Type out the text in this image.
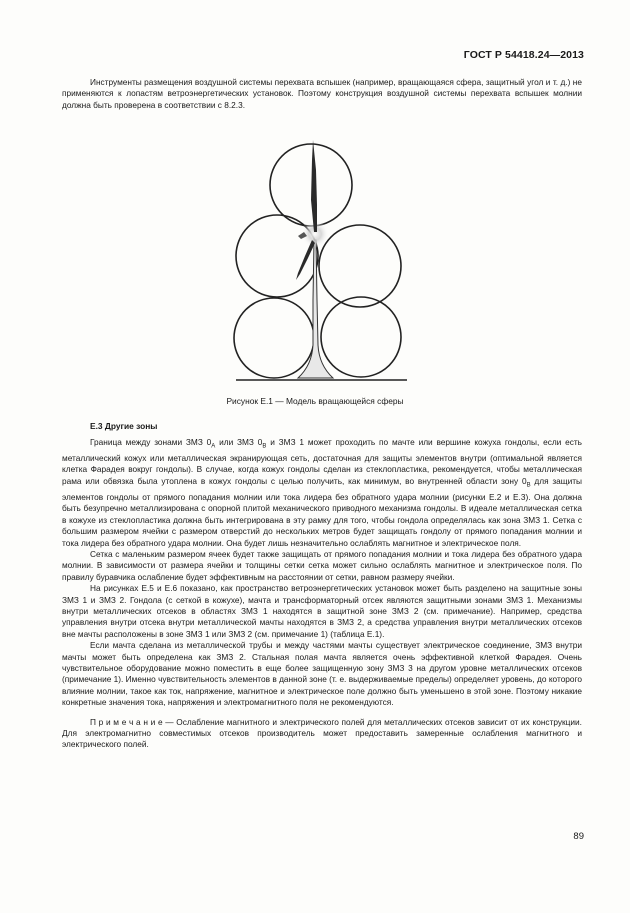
ГОСТ Р 54418.24—2013

Инструменты размещения воздушной системы перехвата вспышек (например, вращающаяся сфера, защитный угол и т. д.) не применяются к лопастям ветроэнергетических установок. Поэтому конструкция воздушной системы перехвата вспышек молнии должна быть проверена в соответствии с 8.2.3.

Рисунок Е.1 — Модель вращающейся сферы
Е.3 Другие зоны

Граница между зонами ЗМЗ $0_А$ или ЗМЗ $0_В$ и ЗМЗ 1 может проходить по мачте или вершине кожуха гондолы, если есть металлический кожух или металлическая экранирующая сеть, достаточная для защиты элементов внутри (оптимальной является клетка Фарадея вокруг гондолы). В случае, когда кожух гондолы сделан из стеклопластика, рекомендуется, чтобы металлическая рама или обвязка была утоплена в кожух гондолы с целью получить, как минимум, во внутренней области зону $0_В$ для защиты элементов гондолы от прямого попадания молнии или тока лидера без обратного удара молнии (рисунки Е.2 и Е.3). Она должна быть безупречно металлизирована с опорной плитой механического приводного механизма гондолы. В идеале металлическая сетка в кожухе из стеклопластика должна быть интегрирована в эту рамку для того, чтобы гондола определялась как зона ЗМЗ 1. Сетка с большим размером ячейки с размером отверстий до нескольких метров будет защищать гондолу от прямого попадания молнии и тока лидера без обратного удара молнии. Она будет лишь незначительно ослаблять магнитное и электрическое поля.

Сетка с маленьким размером ячеек будет также защищать от прямого попадания молнии и тока лидера без обратного удара молнии. В зависимости от размера ячейки и толщины сетки сетка может сильно ослаблять магнитное и электрическое поля. По правилу буравчика ослабление будет эффективным на расстоянии от сетки, равном размеру ячейки.

На рисунках Е.5 и Е.6 показано, как пространство ветроэнергетических установок может быть разделено на защитные зоны ЗМЗ 1 и ЗМЗ 2. Гондола (с сеткой в кожухе), мачта и трансформаторный отсек являются защитными зонами ЗМЗ 1. Механизмы внутри металлических отсеков в областях ЗМЗ 1 находятся в защитной зоне ЗМЗ 2 (см. примечание). Например, средства управления внутри отсека внутри металлической мачты находятся в ЗМЗ 2, а средства управления внутри металлических отсеков вне мачты расположены в зоне ЗМЗ 1 или ЗМЗ 2 (см. примечание 1) (таблица Е.1).

Если мачта сделана из металлической трубы и между частями мачты существует электрическое соединение, ЗМЗ внутри мачты может быть определена как ЗМЗ 2. Стальная полая мачта является очень эффективной клеткой Фарадея. Очень чувствительное оборудование можно поместить в еще более защищенную зону ЗМЗ 3 на другом уровне металлических отсеков (примечание 1). Именно чувствительность элементов в данной зоне (т. е. выдерживаемые пределы) определяет уровень, до которого влияние молнии, такое как ток, напряжение, магнитное и электрическое поле должно быть уменьшено в этой зоне. Поэтому никакие конкретные значения тока, напряжения и электромагнитного поля не рекомендуются.

П р и м е ч а н и е — Ослабление магнитного и электрического полей для металлических отсеков зависит от их конструкции. Для электромагнитно совместимых отсеков производитель может предоставить замеренные ослабления магнитного и электрического полей.

89
